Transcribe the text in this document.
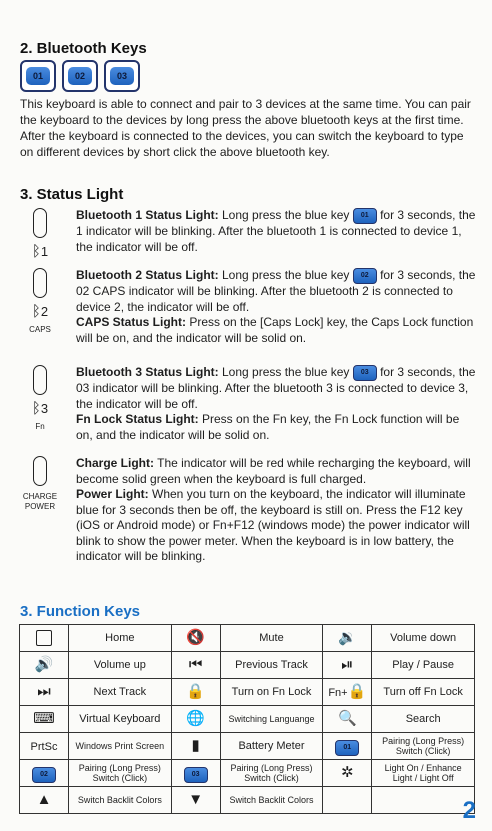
2. Bluetooth Keys
01	02	03
This keyboard is able to connect and pair to 3 devices at the same time. You can pair the keyboard to the devices by long press the above bluetooth keys at the first time. After the keyboard is connected to the devices, you can switch the keyboard to type on different devices by short click the above bluetooth key.
3. Status Light
ᛒ1
Bluetooth 1 Status Light: Long press the blue key 01 for 3 seconds, the 1 indicator will be blinking. After the bluetooth 1 is connected to device 1, the indicator will be off.
ᛒ2
CAPS
Bluetooth 2 Status Light: Long press the blue key 02 for 3 seconds, the 02 CAPS indicator will be blinking. After the bluetooth 2 is connected to device 2, the indicator will be off.
CAPS Status Light: Press on the [Caps Lock] key, the Caps Lock function will be on, and the indicator will be solid on.
ᛒ3
Fn
Bluetooth 3 Status Light: Long press the blue key 03 for 3 seconds, the 03 indicator will be blinking. After the bluetooth 3 is connected to device 3, the indicator will be off.
Fn Lock Status Light: Press on the Fn key, the Fn Lock function will be on, and the indicator will be solid on.
CHARGE
POWER
Charge Light: The indicator will be red while recharging the keyboard, will become solid green when the keyboard is full charged.
Power Light: When you turn on the keyboard, the indicator will illuminate blue for 3 seconds then be off, the keyboard is still on. Press the F12 key (iOS or Android mode) or Fn+F12 (windows mode) the power indicator will blink to show the power meter. When the keyboard is in low battery, the indicator will be blinking.
3. Function Keys
	Home	🔇	Mute	🔉	Volume down
🔊	Volume up	⏮	Previous Track	⏯	Play / Pause
⏭	Next Track	🔒	Turn on Fn Lock	Fn+🔒	Turn off Fn Lock
⌨	Virtual Keyboard	🌐	Switching Languange	🔍	Search
PrtSc	Windows Print Screen	▮	Battery Meter	01	Pairing (Long Press) Switch (Click)
02	Pairing (Long Press) Switch (Click)	03	Pairing (Long Press) Switch (Click)	✲	Light On / Enhance Light / Light Off
▲	Switch Backlit Colors	▼	Switch Backlit Colors			2
